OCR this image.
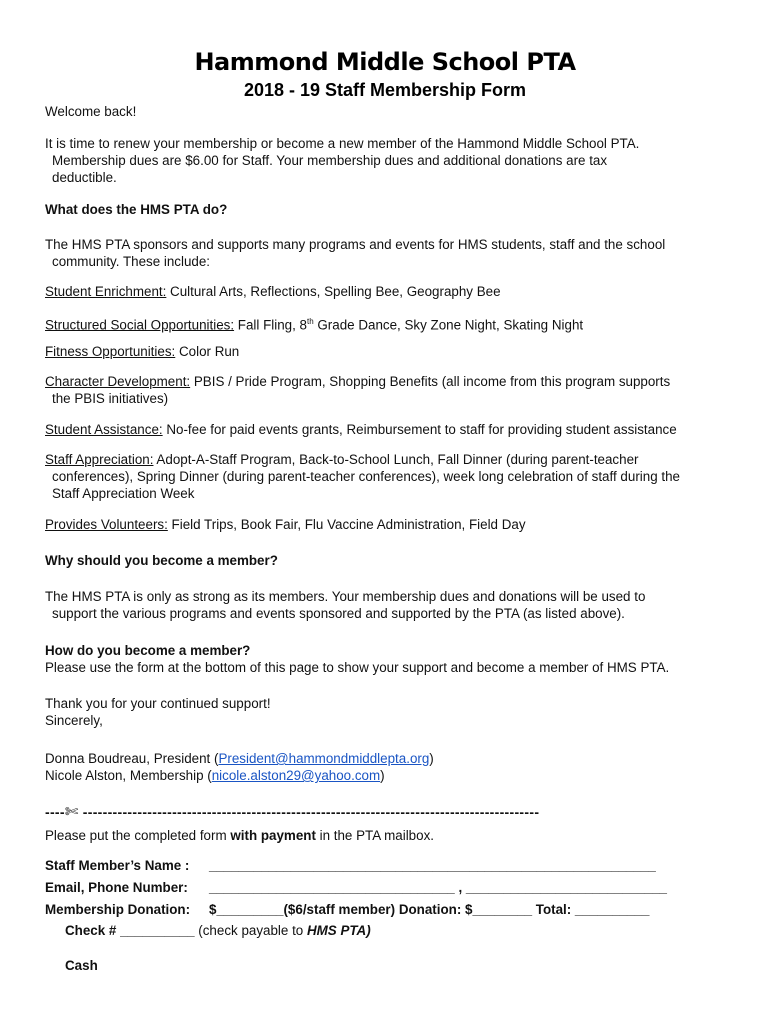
Hammond Middle School PTA
2018 - 19 Staff Membership Form
Welcome back!
It is time to renew your membership or become a new member of the Hammond Middle School PTA.
Membership dues are $6.00 for Staff. Your membership dues and additional donations are tax
deductible.
What does the HMS PTA do?
The HMS PTA sponsors and supports many programs and events for HMS students, staff and the school
community. These include:
Student Enrichment: Cultural Arts, Reflections, Spelling Bee, Geography Bee
Structured Social Opportunities: Fall Fling, 8th Grade Dance, Sky Zone Night, Skating Night
Fitness Opportunities: Color Run
Character Development: PBIS / Pride Program, Shopping Benefits (all income from this program supports
the PBIS initiatives)
Student Assistance: No-fee for paid events grants, Reimbursement to staff for providing student assistance
Staff Appreciation: Adopt-A-Staff Program, Back-to-School Lunch, Fall Dinner (during parent-teacher
conferences), Spring Dinner (during parent-teacher conferences), week long celebration of staff during the
Staff Appreciation Week
Provides Volunteers: Field Trips, Book Fair, Flu Vaccine Administration, Field Day
Why should you become a member?
The HMS PTA is only as strong as its members. Your membership dues and donations will be used to
support the various programs and events sponsored and supported by the PTA (as listed above).
How do you become a member?
Please use the form at the bottom of this page to show your support and become a member of HMS PTA.
Thank you for your continued support!
Sincerely,
Donna Boudreau, President (President@hammondmiddlepta.org)
Nicole Alston, Membership (nicole.alston29@yahoo.com)
----✄ --------------------------------------------------------------------------------------------
Please put the completed form with payment in the PTA mailbox.
Staff Member’s Name : ____________________________________________________________
Email, Phone Number: _________________________________ , ___________________________
Membership Donation: $_________($6/staff member) Donation: $________ Total: __________
Check # __________ (check payable to HMS PTA)
Cash
